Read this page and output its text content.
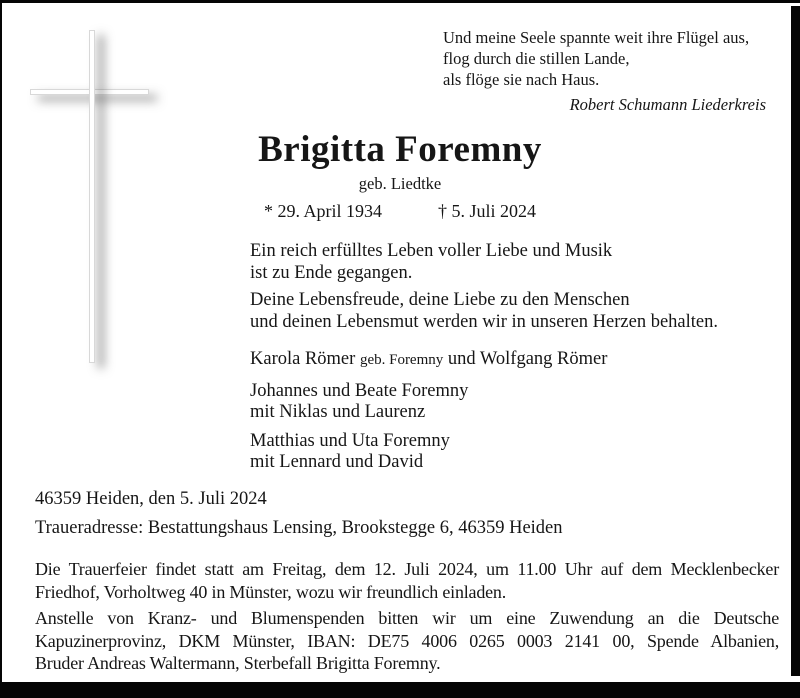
Und meine Seele spannte weit ihre Flügel aus,
flog durch die stillen Lande,
als flöge sie nach Haus.
Robert Schumann Liederkreis
Brigitta Foremny
geb. Liedtke
* 29. April 1934	† 5. Juli 2024
Ein reich erfülltes Leben voller Liebe und Musik
ist zu Ende gegangen.
Deine Lebensfreude, deine Liebe zu den Menschen
und deinen Lebensmut werden wir in unseren Herzen behalten.
Karola Römer geb. Foremny und Wolfgang Römer
Johannes und Beate Foremny
mit Niklas und Laurenz
Matthias und Uta Foremny
mit Lennard und David
46359 Heiden, den 5. Juli 2024
Traueradresse: Bestattungshaus Lensing, Brookstegge 6, 46359 Heiden
Die Trauerfeier findet statt am Freitag, dem 12. Juli 2024, um 11.00 Uhr auf dem Mecklenbecker
Friedhof, Vorholtweg 40 in Münster, wozu wir freundlich einladen.
Anstelle von Kranz- und Blumenspenden bitten wir um eine Zuwendung an die Deutsche
Kapuzinerprovinz, DKM Münster, IBAN: DE75 4006 0265 0003 2141 00, Spende Albanien,
Bruder Andreas Waltermann, Sterbefall Brigitta Foremny.
